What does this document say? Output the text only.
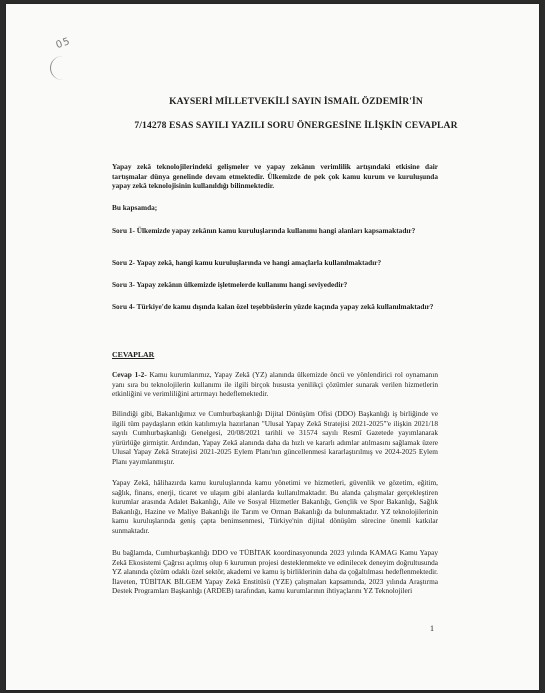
05
KAYSERİ MİLLETVEKİLİ SAYIN İSMAİL ÖZDEMİR'İN
7/14278 ESAS SAYILI YAZILI SORU ÖNERGESİNE İLİŞKİN CEVAPLAR
Yapay zekâ teknolojilerindeki gelişmeler ve yapay zekânın verimlilik artışındaki etkisine dair tartışmalar dünya genelinde devam etmektedir. Ülkemizde de pek çok kamu kurum ve kuruluşunda yapay zekâ teknolojisinin kullanıldığı bilinmektedir.
Bu kapsamda;
Soru 1- Ülkemizde yapay zekânın kamu kuruluşlarında kullanımı hangi alanları kapsamaktadır?
Soru 2- Yapay zekâ, hangi kamu kuruluşlarında ve hangi amaçlarla kullanılmaktadır?
Soru 3- Yapay zekânın ülkemizde işletmelerde kullanımı hangi seviyededir?
Soru 4- Türkiye'de kamu dışında kalan özel teşebbüslerin yüzde kaçında yapay zekâ kullanılmaktadır?
CEVAPLAR
Cevap 1-2- Kamu kurumlarımız, Yapay Zekâ (YZ) alanında ülkemizde öncü ve yönlendirici rol oynamanın yanı sıra bu teknolojilerin kullanımı ile ilgili birçok hususta yenilikçi çözümler sunarak verilen hizmetlerin etkinliğini ve verimliliğini artırmayı hedeflemektedir.
Bilindiği gibi, Bakanlığımız ve Cumhurbaşkanlığı Dijital Dönüşüm Ofisi (DDO) Başkanlığı iş birliğinde ve ilgili tüm paydaşların etkin katılımıyla hazırlanan "Ulusal Yapay Zekâ Stratejisi 2021-2025"'e ilişkin 2021/18 sayılı Cumhurbaşkanlığı Genelgesi, 20/08/2021 tarihli ve 31574 sayılı Resmî Gazetede yayımlanarak yürürlüğe girmiştir. Ardından, Yapay Zekâ alanında daha da hızlı ve kararlı adımlar atılmasını sağlamak üzere Ulusal Yapay Zekâ Stratejisi 2021-2025 Eylem Planı'nın güncellenmesi kararlaştırılmış ve 2024-2025 Eylem Planı yayımlanmıştır.
Yapay Zekâ, hâlihazırda kamu kuruluşlarında kamu yönetimi ve hizmetleri, güvenlik ve gözetim, eğitim, sağlık, finans, enerji, ticaret ve ulaşım gibi alanlarda kullanılmaktadır. Bu alanda çalışmalar gerçekleştiren kurumlar arasında Adalet Bakanlığı, Aile ve Sosyal Hizmetler Bakanlığı, Gençlik ve Spor Bakanlığı, Sağlık Bakanlığı, Hazine ve Maliye Bakanlığı ile Tarım ve Orman Bakanlığı da bulunmaktadır. YZ teknolojilerinin kamu kuruluşlarında geniş çapta benimsenmesi, Türkiye'nin dijital dönüşüm sürecine önemli katkılar sunmaktadır.
Bu bağlamda, Cumhurbaşkanlığı DDO ve TÜBİTAK koordinasyonunda 2023 yılında KAMAG Kamu Yapay Zekâ Ekosistemi Çağrısı açılmış olup 6 kurumun projesi desteklenmekte ve edinilecek deneyim doğrultusunda YZ alanında çözüm odaklı özel sektör, akademi ve kamu iş birliklerinin daha da çoğaltılması hedeflenmektedir. İlaveten, TÜBİTAK BİLGEM Yapay Zekâ Enstitüsü (YZE) çalışmaları kapsamında, 2023 yılında Araştırma Destek Programları Başkanlığı (ARDEB) tarafından, kamu kurumlarının ihtiyaçlarını YZ Teknolojileri
1
